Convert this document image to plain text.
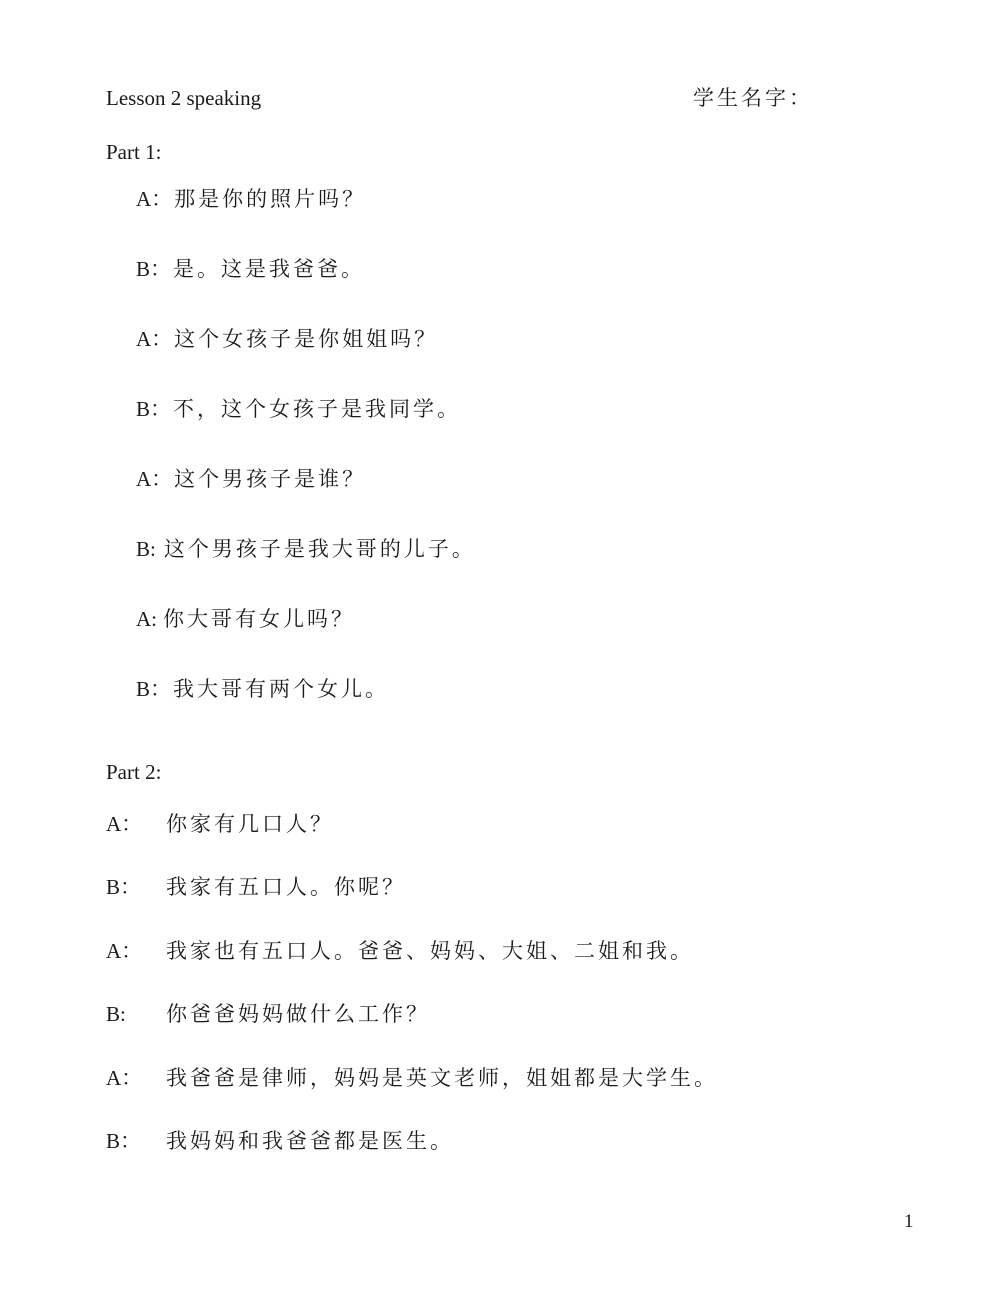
Lesson 2 speaking	学生名字：
Part 1:
A：那是你的照片吗？
B：是。这是我爸爸。
A：这个女孩子是你姐姐吗？
B：不，这个女孩子是我同学。
A：这个男孩子是谁？
B:这个男孩子是我大哥的儿子。
A:你大哥有女儿吗？
B：我大哥有两个女儿。
Part 2:
A： 你家有几口人？
B： 我家有五口人。你呢？
A： 我家也有五口人。爸爸、妈妈、大姐、二姐和我。
B: 你爸爸妈妈做什么工作？
A： 我爸爸是律师，妈妈是英文老师，姐姐都是大学生。
B： 我妈妈和我爸爸都是医生。
1
